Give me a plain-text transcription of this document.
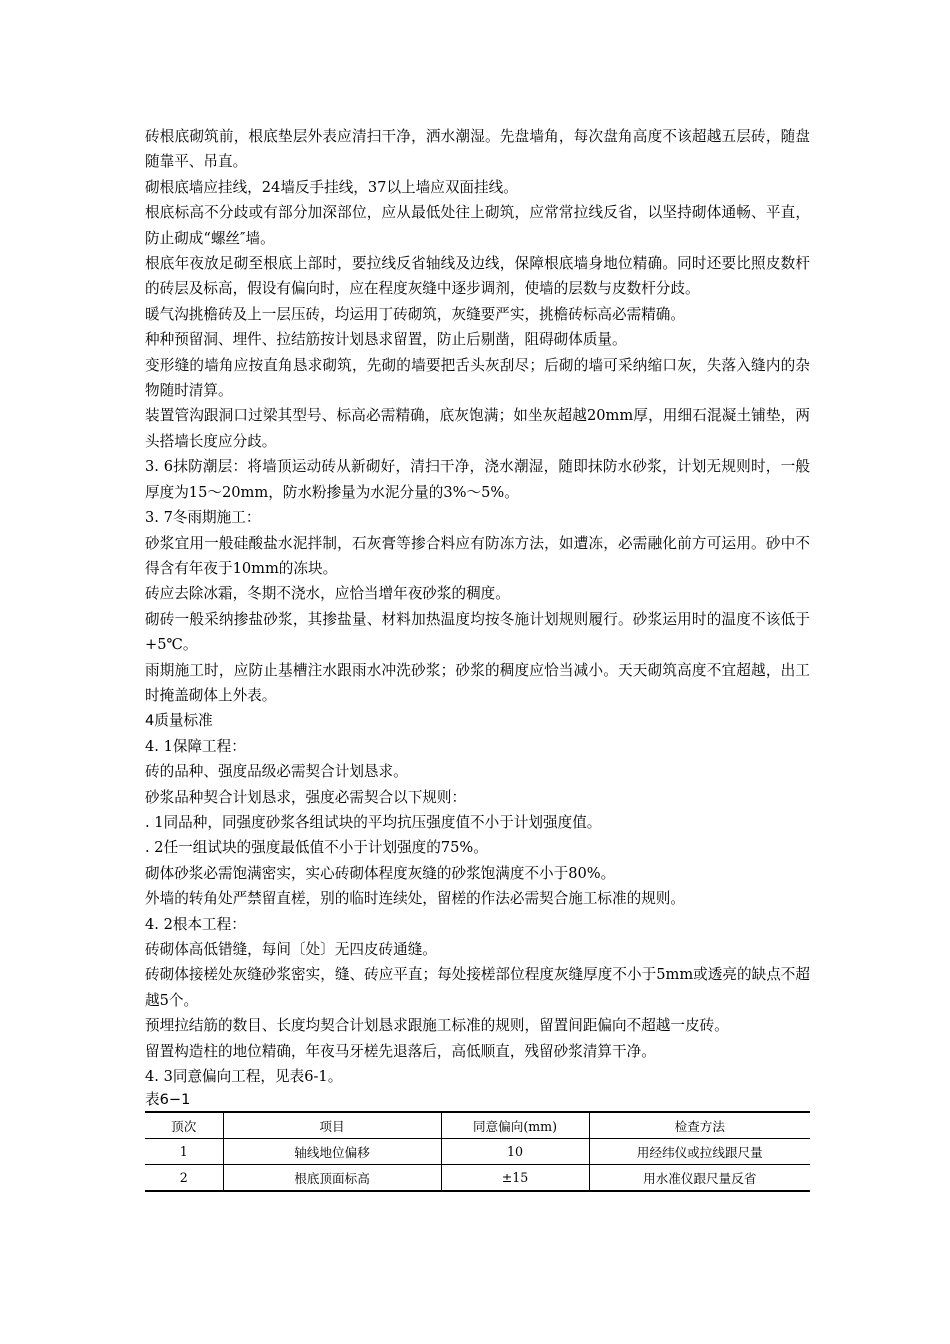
砖根底砌筑前，根底垫层外表应清扫干净，洒水潮湿。先盘墙角，每次盘角高度不该超越五层砖，随盘随靠平、吊直。

砌根底墙应挂线，24墙反手挂线，37以上墙应双面挂线。

根底标高不分歧或有部分加深部位，应从最低处往上砌筑，应常常拉线反省，以坚持砌体通畅、平直，防止砌成“螺丝″墙。

根底年夜放足砌至根底上部时，要拉线反省轴线及边线，保障根底墙身地位精确。同时还要比照皮数杆的砖层及标高，假设有偏向时，应在程度灰缝中逐步调剂，使墙的层数与皮数杆分歧。

暖气沟挑檐砖及上一层压砖，均运用丁砖砌筑，灰缝要严实，挑檐砖标高必需精确。

种种预留洞、埋件、拉结筋按计划恳求留置，防止后剔凿，阻碍砌体质量。

变形缝的墙角应按直角恳求砌筑，先砌的墙要把舌头灰刮尽；后砌的墙可采纳缩口灰，失落入缝内的杂物随时清算。

装置管沟跟洞口过梁其型号、标高必需精确，底灰饱满；如坐灰超越20mm厚，用细石混凝土铺垫，两头搭墙长度应分歧。

3. 6抹防潮层：将墙顶运动砖从新砌好，清扫干净，浇水潮湿，随即抹防水砂浆，计划无规则时，一般厚度为15～20mm，防水粉掺量为水泥分量的3%～5%。

3. 7冬雨期施工：

砂浆宜用一般硅酸盐水泥拌制，石灰膏等掺合料应有防冻方法，如遭冻，必需融化前方可运用。砂中不得含有年夜于10mm的冻块。

砖应去除冰霜，冬期不浇水，应恰当增年夜砂浆的稠度。

砌砖一般采纳掺盐砂浆，其掺盐量、材料加热温度均按冬施计划规则履行。砂浆运用时的温度不该低于+5℃。

雨期施工时，应防止基槽注水跟雨水冲洗砂浆；砂浆的稠度应恰当减小。天天砌筑高度不宜超越，出工时掩盖砌体上外表。

4质量标准

4. 1保障工程：

砖的品种、强度品级必需契合计划恳求。

砂浆品种契合计划恳求，强度必需契合以下规则：

. 1同品种，同强度砂浆各组试块的平均抗压强度值不小于计划强度值。

. 2任一组试块的强度最低值不小于计划强度的75%。

砌体砂浆必需饱满密实，实心砖砌体程度灰缝的砂浆饱满度不小于80%。

外墙的转角处严禁留直槎，别的临时连续处，留槎的作法必需契合施工标准的规则。

4. 2根本工程：

砖砌体高低错缝，每间〔处〕无四皮砖通缝。

砖砌体接槎处灰缝砂浆密实，缝、砖应平直；每处接槎部位程度灰缝厚度不小于5mm或透亮的缺点不超越5个。

预埋拉结筋的数目、长度均契合计划恳求跟施工标准的规则，留置间距偏向不超越一皮砖。

留置构造柱的地位精确，年夜马牙槎先退落后，高低顺直，残留砂浆清算干净。

4. 3同意偏向工程，见表6-1。

表6−1

顶次	项目	同意偏向(mm)	检查方法
1	轴线地位偏移	10	用经纬仪或拉线跟尺量
2	根底顶面标高	±15	用水准仪跟尺量反省
